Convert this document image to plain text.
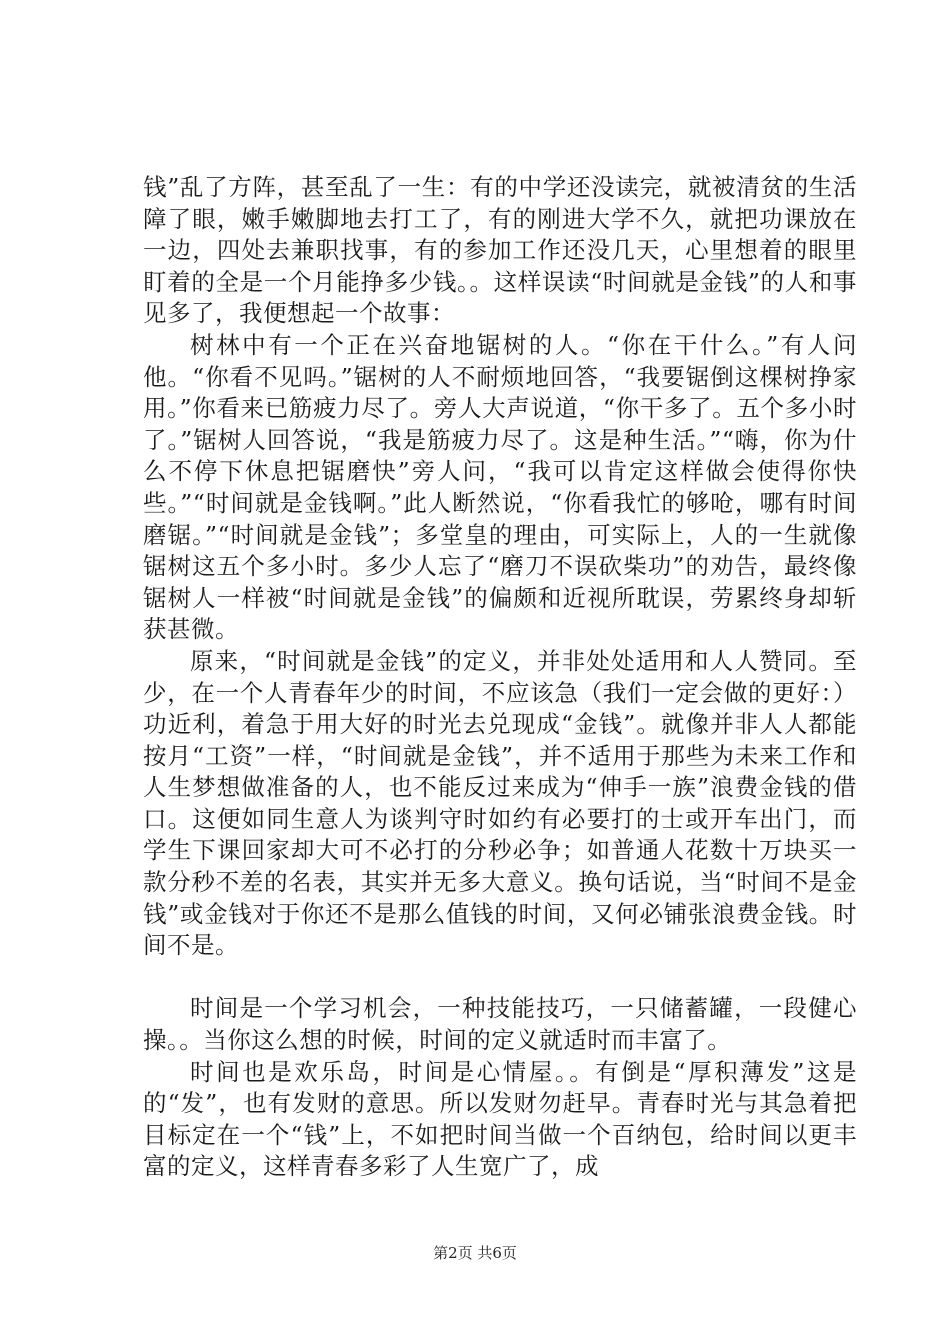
钱”乱了方阵，甚至乱了一生：有的中学还没读完，就被清贫的生活障了眼，嫩手嫩脚地去打工了，有的刚进大学不久，就把功课放在一边，四处去兼职找事，有的参加工作还没几天，心里想着的眼里盯着的全是一个月能挣多少钱。。这样误读“时间就是金钱”的人和事见多了，我便想起一个故事：

树林中有一个正在兴奋地锯树的人。“你在干什么。”有人问他。“你看不见吗。”锯树的人不耐烦地回答，“我要锯倒这棵树挣家用。”你看来已筋疲力尽了。旁人大声说道，“你干多了。五个多小时了。”锯树人回答说，“我是筋疲力尽了。这是种生活。”“嗨，你为什么不停下休息把锯磨快”旁人问，“我可以肯定这样做会使得你快些。”“时间就是金钱啊。”此人断然说，“你看我忙的够呛，哪有时间磨锯。”“时间就是金钱”；多堂皇的理由，可实际上，人的一生就像锯树这五个多小时。多少人忘了“磨刀不误砍柴功”的劝告，最终像锯树人一样被“时间就是金钱”的偏颇和近视所耽误，劳累终身却斩获甚微。

原来，“时间就是金钱”的定义，并非处处适用和人人赞同。至少，在一个人青春年少的时间，不应该急（我们一定会做的更好：）功近利，着急于用大好的时光去兑现成“金钱”。就像并非人人都能按月“工资”一样，“时间就是金钱”，并不适用于那些为未来工作和人生梦想做准备的人，也不能反过来成为“伸手一族”浪费金钱的借口。这便如同生意人为谈判守时如约有必要打的士或开车出门，而学生下课回家却大可不必打的分秒必争；如普通人花数十万块买一款分秒不差的名表，其实并无多大意义。换句话说，当“时间不是金钱”或金钱对于你还不是那么值钱的时间，又何必铺张浪费金钱。时间不是。

时间是一个学习机会，一种技能技巧，一只储蓄罐，一段健心操。。当你这么想的时候，时间的定义就适时而丰富了。

时间也是欢乐岛，时间是心情屋。。有倒是“厚积薄发”这是的“发”，也有发财的意思。所以发财勿赶早。青春时光与其急着把目标定在一个“钱”上，不如把时间当做一个百纳包，给时间以更丰富的定义，这样青春多彩了人生宽广了，成

第2页 共6页
